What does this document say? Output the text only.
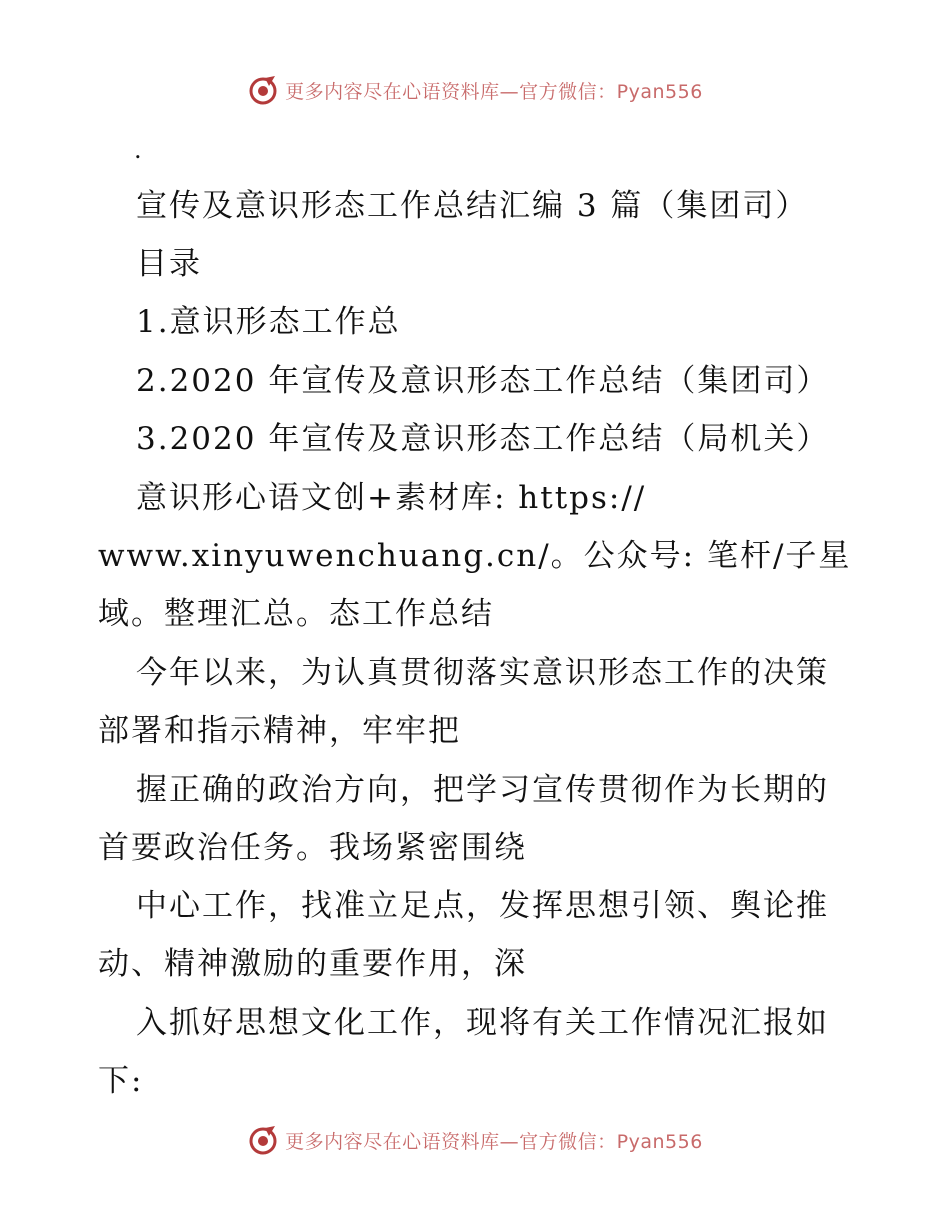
更多内容尽在心语资料库—官方微信：Pyan556
.
宣传及意识形态工作总结汇编 3 篇（集团司）
目录
1.意识形态工作总
2.2020 年宣传及意识形态工作总结（集团司）
3.2020 年宣传及意识形态工作总结（局机关）
意识形心语文创+素材库: https://
www.xinyuwenchuang.cn/。公众号: 笔杆/子星
域。整理汇总。态工作总结
今年以来，为认真贯彻落实意识形态工作的决策
部署和指示精神，牢牢把
握正确的政治方向，把学习宣传贯彻作为长期的
首要政治任务。我场紧密围绕
中心工作，找准立足点，发挥思想引领、舆论推
动、精神激励的重要作用，深
入抓好思想文化工作，现将有关工作情况汇报如
下:
更多内容尽在心语资料库—官方微信：Pyan556
